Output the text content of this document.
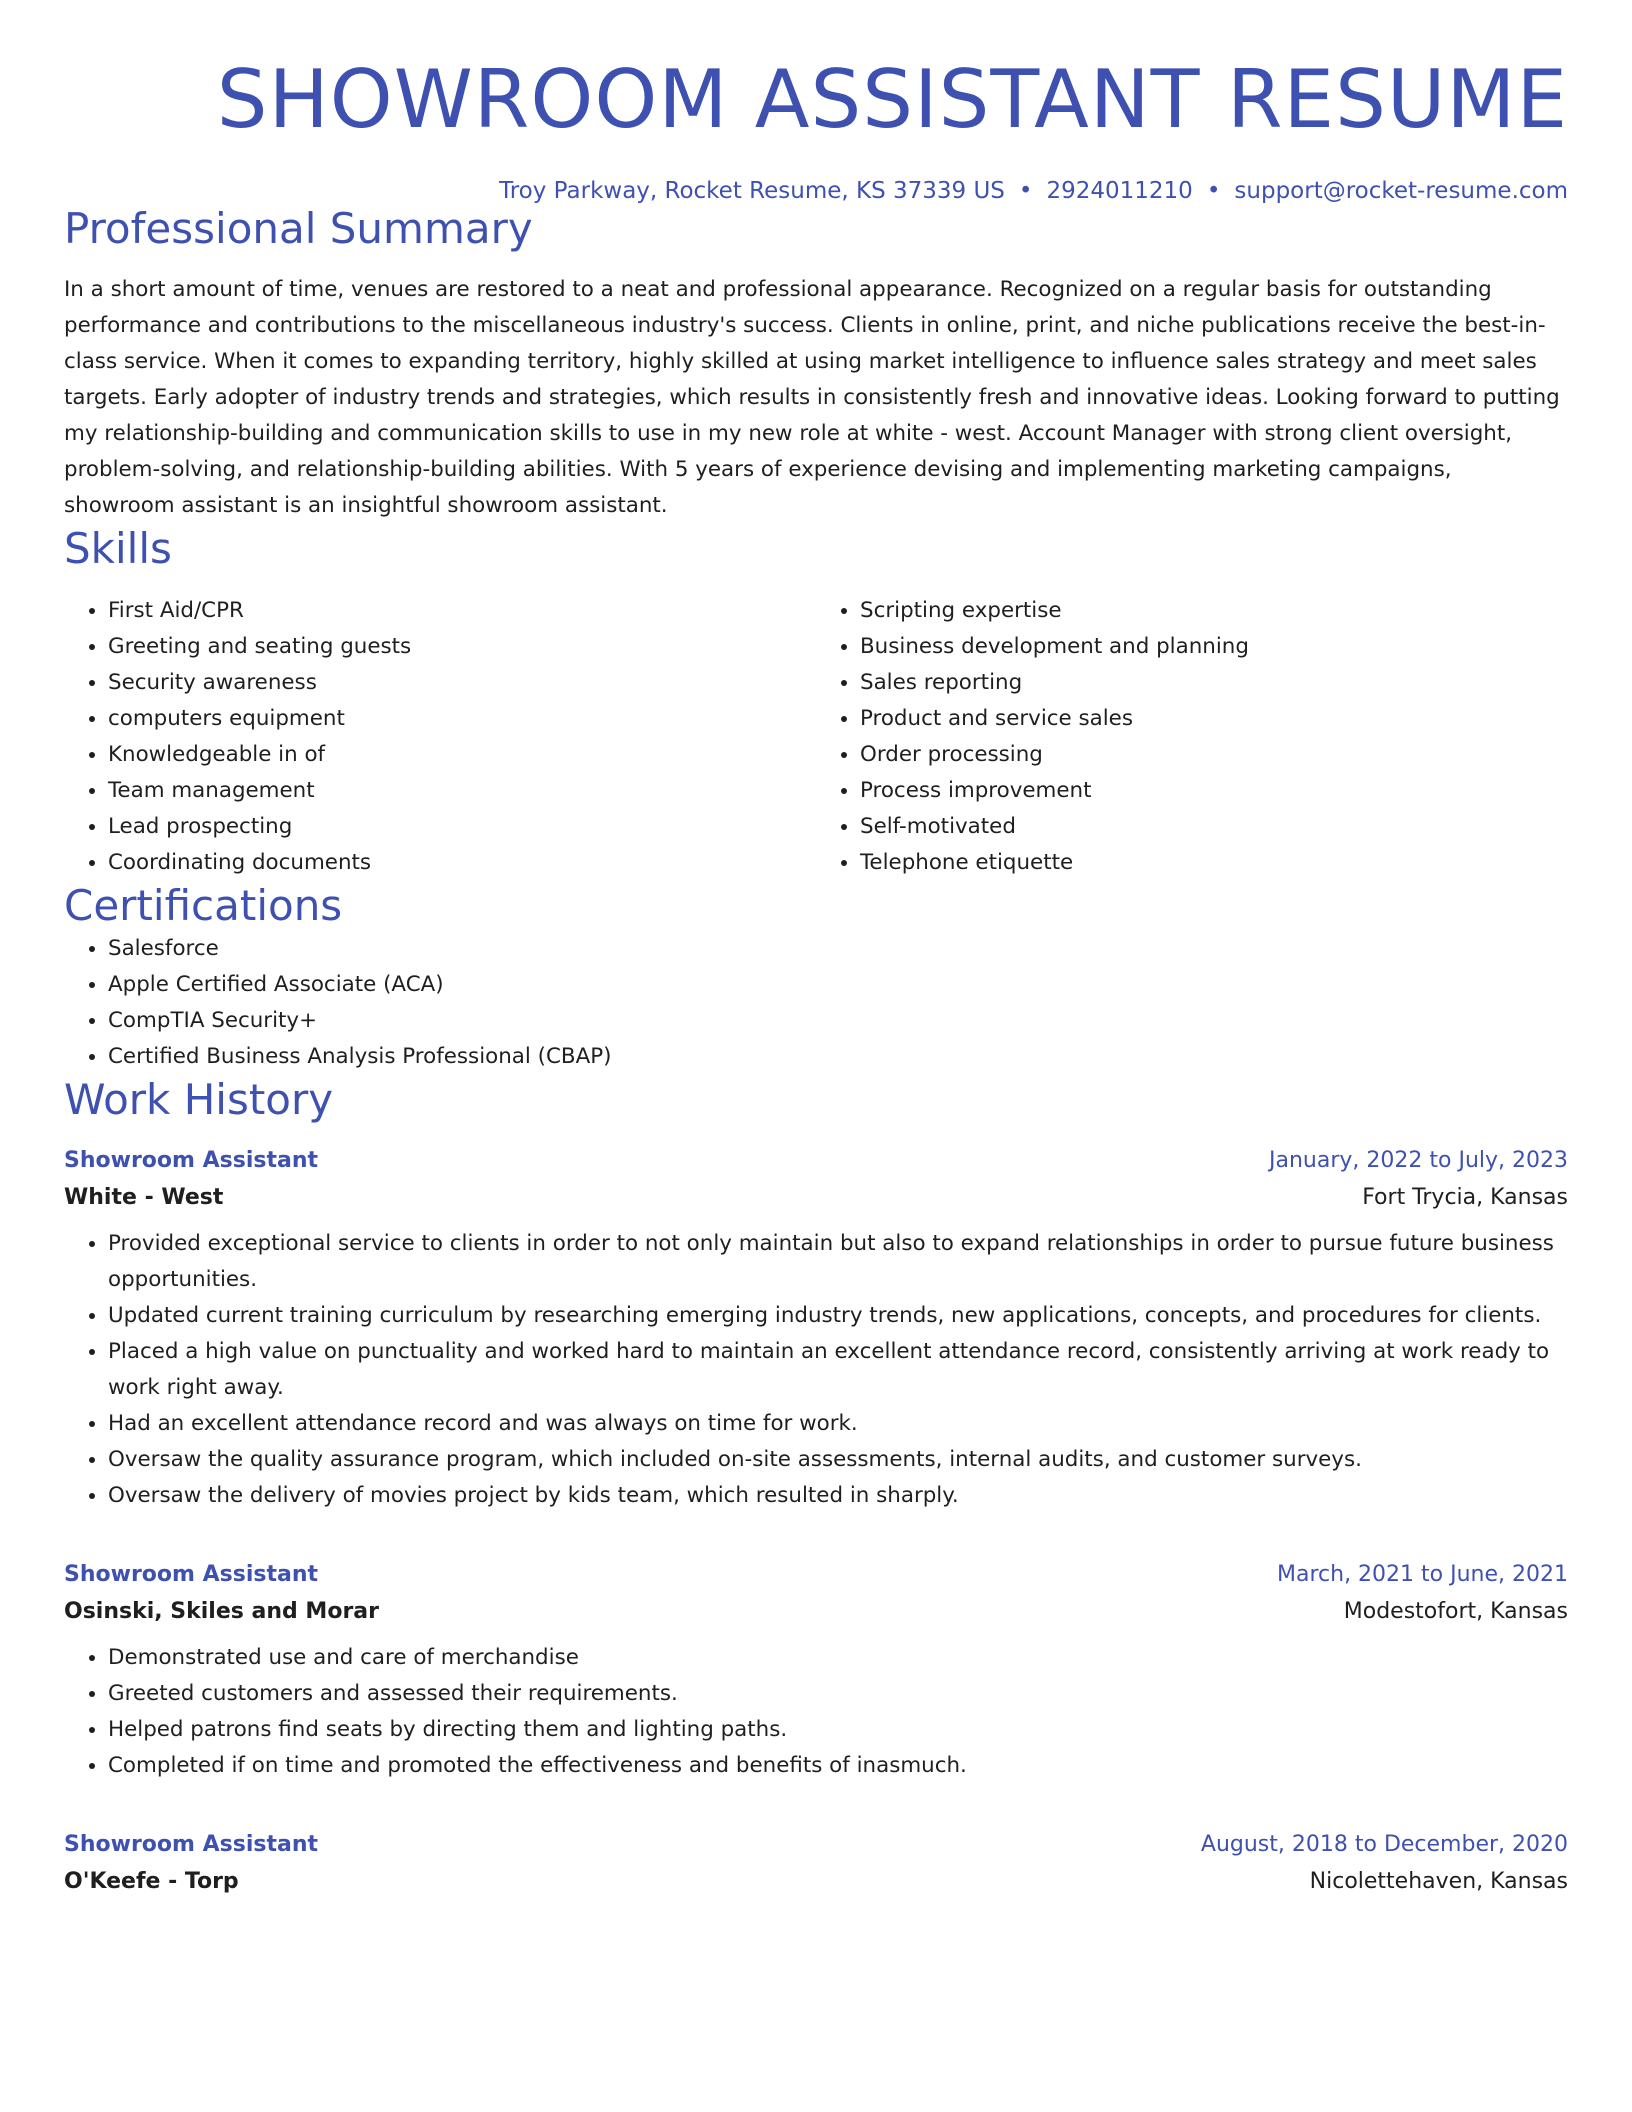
SHOWROOM ASSISTANT RESUME
Troy Parkway, Rocket Resume, KS 37339 US • 2924011210 • support@rocket-resume.com
Professional Summary
In a short amount of time, venues are restored to a neat and professional appearance. Recognized on a regular basis for outstanding performance and contributions to the miscellaneous industry's success. Clients in online, print, and niche publications receive the best-in-class service. When it comes to expanding territory, highly skilled at using market intelligence to influence sales strategy and meet sales targets. Early adopter of industry trends and strategies, which results in consistently fresh and innovative ideas. Looking forward to putting my relationship-building and communication skills to use in my new role at white - west. Account Manager with strong client oversight, problem-solving, and relationship-building abilities. With 5 years of experience devising and implementing marketing campaigns, showroom assistant is an insightful showroom assistant.
Skills
• First Aid/CPR
• Greeting and seating guests
• Security awareness
• computers equipment
• Knowledgeable in of
• Team management
• Lead prospecting
• Coordinating documents
• Scripting expertise
• Business development and planning
• Sales reporting
• Product and service sales
• Order processing
• Process improvement
• Self-motivated
• Telephone etiquette
Certifications
• Salesforce
• Apple Certified Associate (ACA)
• CompTIA Security+
• Certified Business Analysis Professional (CBAP)
Work History
Showroom Assistant	January, 2022 to July, 2023
White - West	Fort Trycia, Kansas
• Provided exceptional service to clients in order to not only maintain but also to expand relationships in order to pursue future business opportunities.
• Updated current training curriculum by researching emerging industry trends, new applications, concepts, and procedures for clients.
• Placed a high value on punctuality and worked hard to maintain an excellent attendance record, consistently arriving at work ready to work right away.
• Had an excellent attendance record and was always on time for work.
• Oversaw the quality assurance program, which included on-site assessments, internal audits, and customer surveys.
• Oversaw the delivery of movies project by kids team, which resulted in sharply.
Showroom Assistant	March, 2021 to June, 2021
Osinski, Skiles and Morar	Modestofort, Kansas
• Demonstrated use and care of merchandise
• Greeted customers and assessed their requirements.
• Helped patrons find seats by directing them and lighting paths.
• Completed if on time and promoted the effectiveness and benefits of inasmuch.
Showroom Assistant	August, 2018 to December, 2020
O'Keefe - Torp	Nicolettehaven, Kansas
